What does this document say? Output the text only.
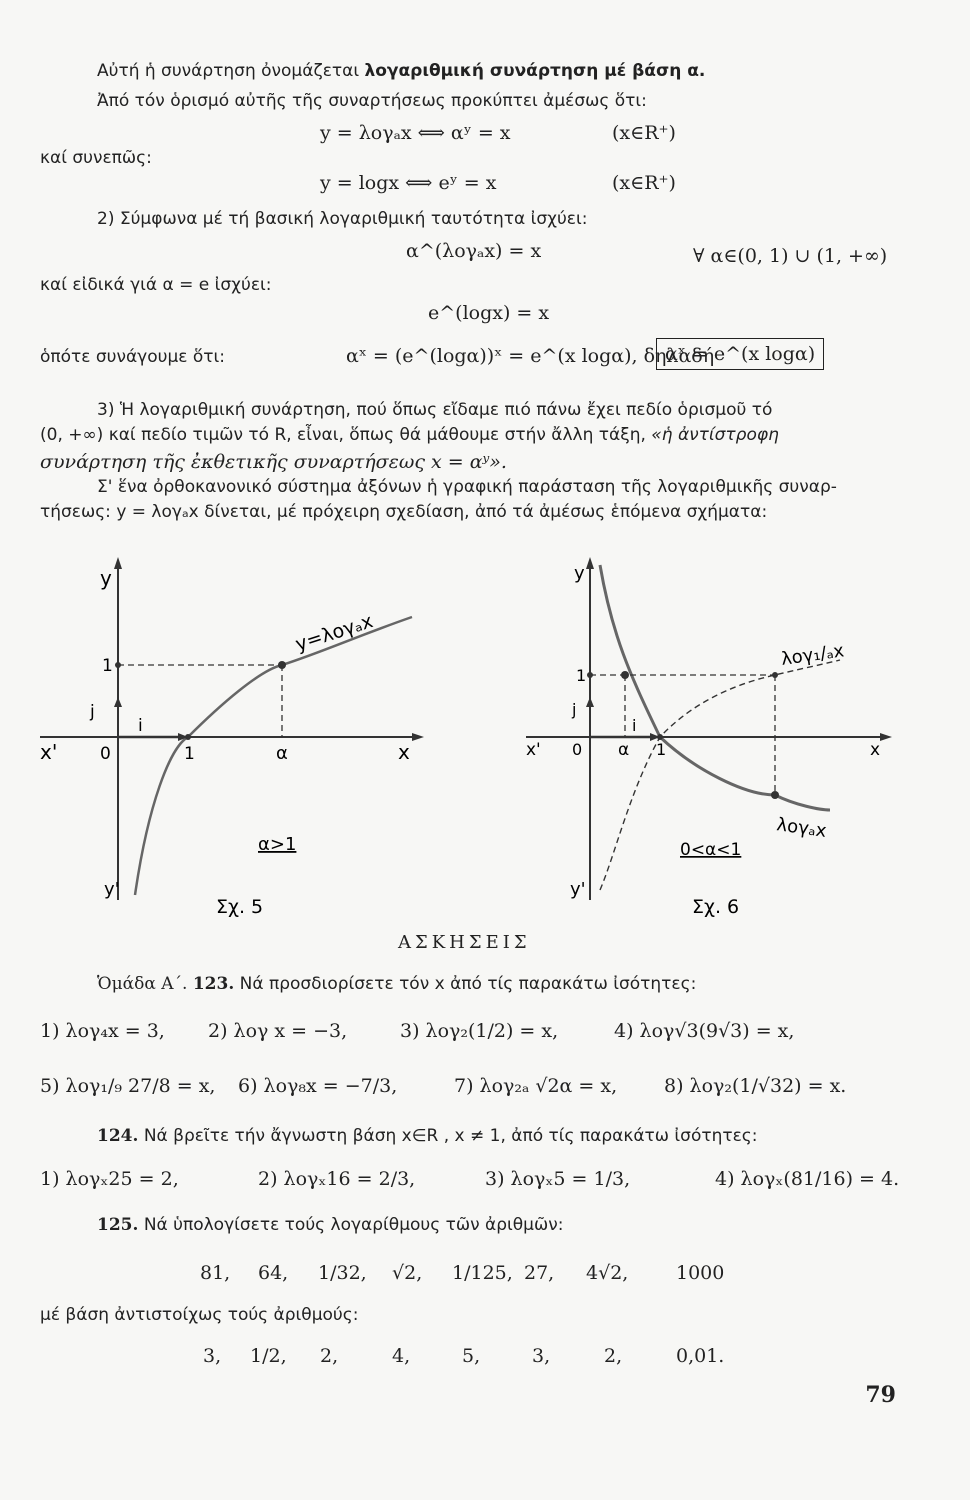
Αὐτή ἡ συνάρτηση ὀνομάζεται λογαριθμική συνάρτηση μέ βάση α.
Ἀπό τόν ὁρισμό αὐτῆς τῆς συναρτήσεως προκύπτει ἀμέσως ὅτι:
y = λογₐx ⟺ αʸ = x	(x∈R⁺)
καί συνεπῶς:
y = logx ⟺ eʸ = x	(x∈R⁺)
2) Σύμφωνα μέ τή βασική λογαριθμική ταυτότητα ἰσχύει:
α^(λογₐx) = x	∀ α∈(0, 1) ∪ (1, +∞)
καί εἰδικά γιά α = e ἰσχύει:
e^(logx) = x
ὁπότε συνάγουμε ὅτι:	αˣ = (e^(logα))ˣ = e^(x logα), δηλαδή
αˣ = e^(x logα)
3) Ἡ λογαριθμική συνάρτηση, πού ὅπως εἴδαμε πιό πάνω ἔχει πεδίο ὁρισμοῦ τό
(0, +∞) καί πεδίο τιμῶν τό R, εἶναι, ὅπως θά μάθουμε στήν ἄλλη τάξη, «ἡ ἀντίστροφη
συνάρτηση τῆς ἐκθετικῆς συναρτήσεως x = αʸ».
Σ' ἕνα ὀρθοκανονικό σύστημα ἀξόνων ἡ γραφική παράσταση τῆς λογαριθμικῆς συναρ-
τήσεως: y = λογₐx δίνεται, μέ πρόχειρη σχεδίαση, ἀπό τά ἀμέσως ἑπόμενα σχήματα:
y
y'
x
x'	0
1
1	α
j
i
y=λογₐx
α>1
Σχ. 5
y
y'
x
x' 0
1
1
α
j
i
λογ₁/ₐx
λογₐx
0<α<1
Σχ. 6
ΑΣΚΗΣΕΙΣ
Ὁμάδα Α΄. 123. Νά προσδιορίσετε τόν x ἀπό τίς παρακάτω ἰσότητες:
1) λογ₄x = 3, 2) λογ x = −3,	3) λογ₂(1/2) = x,	4) λογ√3(9√3) = x,
5) λογ₁/₉ 27/8 = x, 6) λογ₈x = −7/3,	7) λογ₂ₐ √2α = x, 8) λογ₂(1/√32) = x.
124. Νά βρεῖτε τήν ἄγνωστη βάση x∈R , x ≠ 1, ἀπό τίς παρακάτω ἰσότητες:
1) λογₓ25 = 2,	2) λογₓ16 = 2/3,	3) λογₓ5 = 1/3,	4) λογₓ(81/16) = 4.
125. Νά ὑπολογίσετε τούς λογαρίθμους τῶν ἀριθμῶν:
81, 64, 1/32, √2, 1/125, 27, 4√2,	1000
μέ βάση ἀντιστοίχως τούς ἀριθμούς:
3, 1/2, 2,	4,	5,	3,	2,	0,01.
79
